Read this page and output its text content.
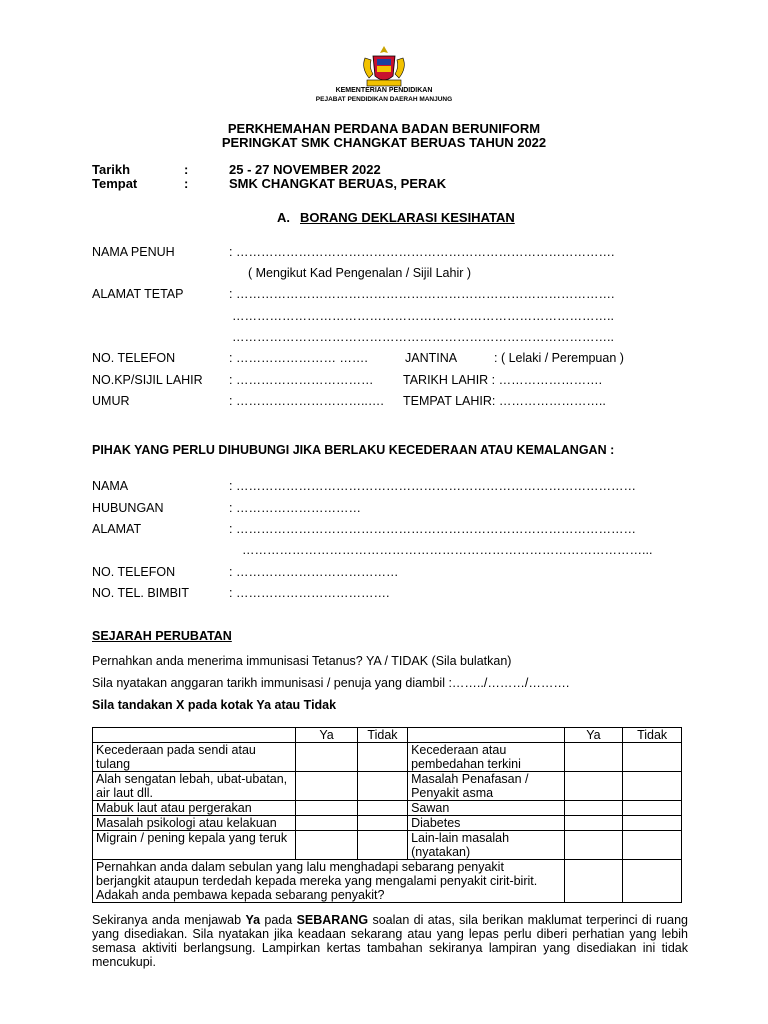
KEMENTERIAN PENDIDIKAN
PEJABAT PENDIDIKAN DAERAH MANJUNG
PERKHEMAHAN PERDANA BADAN BERUNIFORM
PERINGKAT SMK CHANGKAT BERUAS TAHUN 2022
Tarikh	:	25 - 27 NOVEMBER 2022
Tempat	:	SMK CHANGKAT BERUAS, PERAK
A. BORANG DEKLARASI KESIHATAN
NAMA PENUH	: ……………………………………………………………………………….
( Mengikut Kad Pengenalan / Sijil Lahir )
ALAMAT TETAP	: ……………………………………………………………………………….
………………………………………………………………………………..
………………………………………………………………………………..
NO. TELEFON	: …………………… …….	JANTINA	: ( Lelaki / Perempuan )
NO.KP/SIJIL LAHIR : …………………………… TARIKH LAHIR : …………………….
UMUR	: …………………………..…. TEMPAT LAHIR: ……………………..
PIHAK YANG PERLU DIHUBUNGI JIKA BERLAKU KECEDERAAN ATAU KEMALANGAN :
NAMA	: ……………………………………………………………………………………
HUBUNGAN	: …………………………
ALAMAT	: ……………………………………………………………………………………
……………………………………………………………………………………...
NO. TELEFON	: …………………………………
NO. TEL. BIMBIT	: ……………………………….
SEJARAH PERUBATAN
Pernahkan anda menerima immunisasi Tetanus? YA / TIDAK (Sila bulatkan)
Sila nyatakan anggaran tarikh immunisasi / penuja yang diambil :……../………/……….
Sila tandakan X pada kotak Ya atau Tidak
	Ya	Tidak		Ya	Tidak
Kecederaan pada sendi atau tulang			Kecederaan atau pembedahan terkini		
Alah sengatan lebah, ubat-ubatan, air laut dll.			Masalah Penafasan / Penyakit asma		
Mabuk laut atau pergerakan			Sawan		
Masalah psikologi atau kelakuan			Diabetes		
Migrain / pening kepala yang teruk			Lain-lain masalah (nyatakan)		
Pernahkan anda dalam sebulan yang lalu menghadapi sebarang penyakit berjangkit ataupun terdedah kepada mereka yang mengalami penyakit cirit-birit. Adakah anda pembawa kepada sebarang penyakit?					
Sekiranya anda menjawab Ya pada SEBARANG soalan di atas, sila berikan maklumat terperinci di ruang yang disediakan. Sila nyatakan jika keadaan sekarang atau yang lepas perlu diberi perhatian yang lebih semasa aktiviti berlangsung. Lampirkan kertas tambahan sekiranya lampiran yang disediakan ini tidak mencukupi.
